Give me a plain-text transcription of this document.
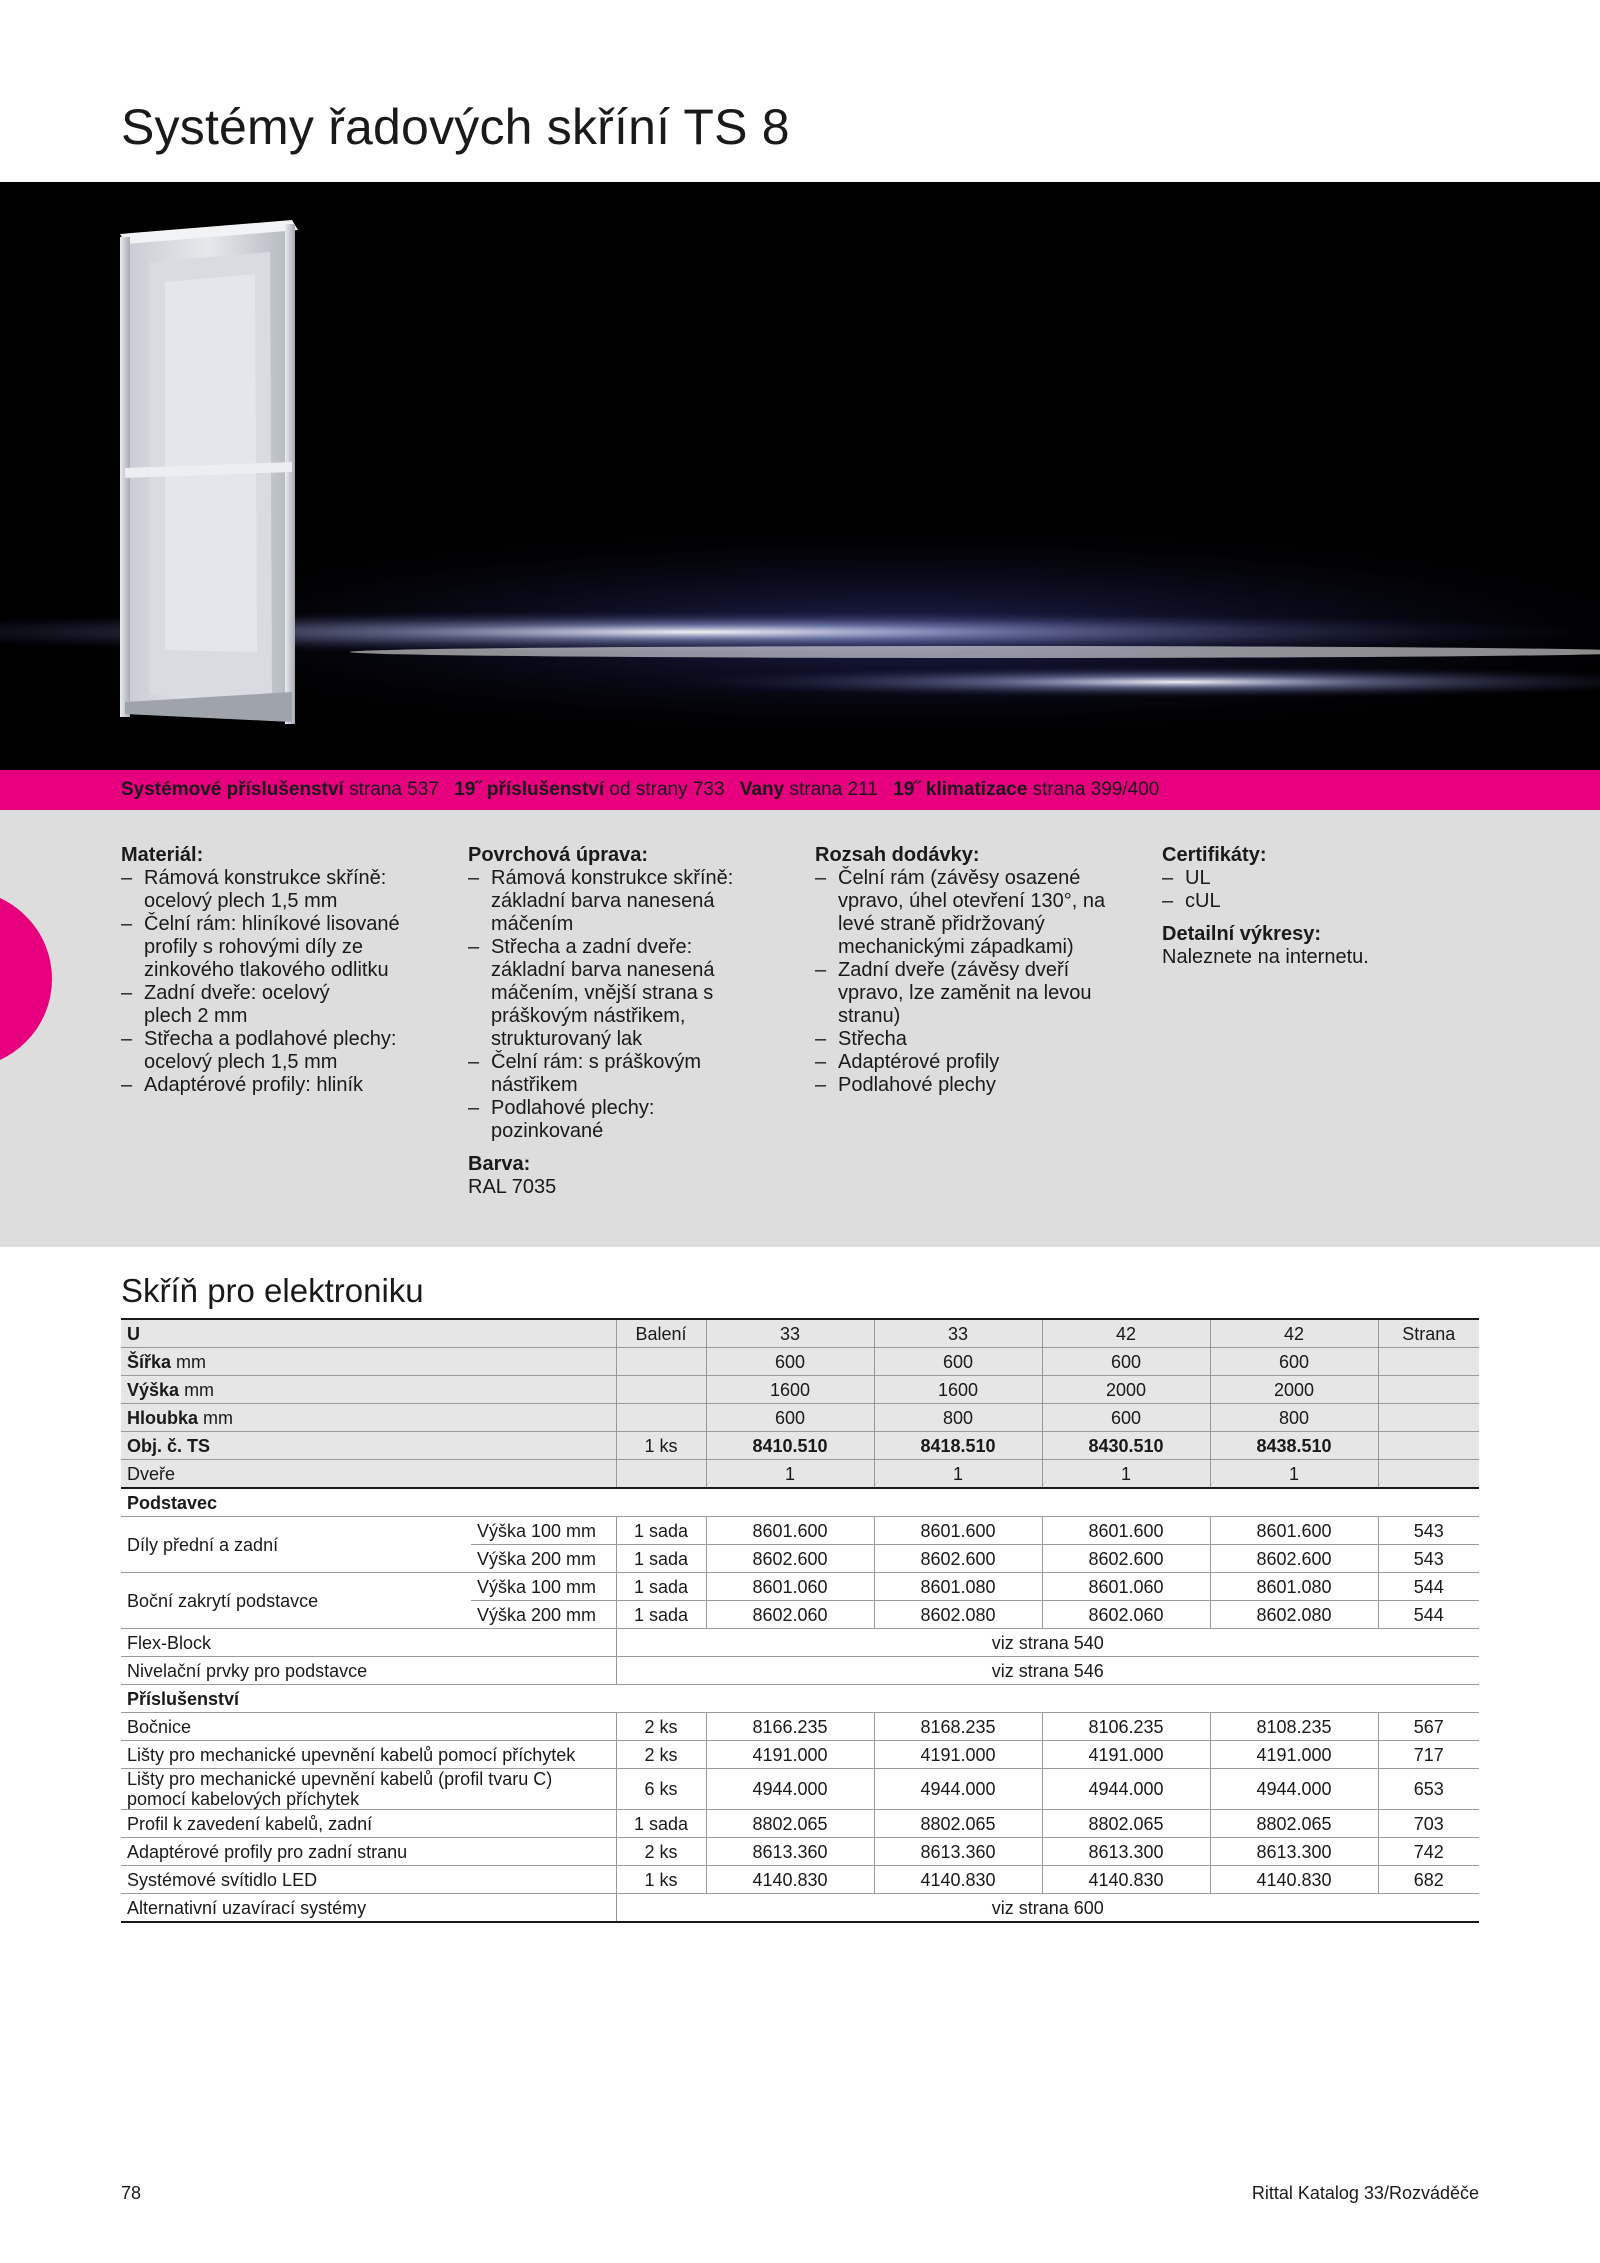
Systémy řadových skříní TS 8
Systémové příslušenství strana 537 19˝ příslušenství od strany 733 Vany strana 211 19˝ klimatizace strana 399/400
Materiál:
– Rámová konstrukce skříně: ocelový plech 1,5 mm
– Čelní rám: hliníkové lisované profily s rohovými díly ze zinkového tlakového odlitku
– Zadní dveře: ocelový plech 2 mm
– Střecha a podlahové plechy: ocelový plech 1,5 mm
– Adaptérové profily: hliník
Povrchová úprava:
– Rámová konstrukce skříně: základní barva nanesená máčením
– Střecha a zadní dveře: základní barva nanesená máčením, vnější strana s práškovým nástřikem, strukturovaný lak
– Čelní rám: s práškovým nástřikem
– Podlahové plechy: pozinkované
Barva:
RAL 7035
Rozsah dodávky:
– Čelní rám (závěsy osazené vpravo, úhel otevření 130°, na levé straně přidržovaný mechanickými západkami)
– Zadní dveře (závěsy dveří vpravo, lze zaměnit na levou stranu)
– Střecha
– Adaptérové profily
– Podlahové plechy
Certifikáty:
– UL
– cUL
Detailní výkresy:
Naleznete na internetu.
Skříň pro elektroniku
U		Balení	33	33	42	42	Strana
Šířka mm			600	600	600	600	
Výška mm			1600	1600	2000	2000	
Hloubka mm			600	800	600	800	
Obj. č. TS		1 ks	8410.510	8418.510	8430.510	8438.510	
Dveře			1	1	1	1	
Podstavec							
Díly přední a zadní	Výška 100 mm	1 sada	8601.600	8601.600	8601.600	8601.600	543
	Výška 200 mm	1 sada	8602.600	8602.600	8602.600	8602.600	543
Boční zakrytí podstavce	Výška 100 mm	1 sada	8601.060	8601.080	8601.060	8601.080	544
	Výška 200 mm	1 sada	8602.060	8602.080	8602.060	8602.080	544
Flex-Block		viz strana 540					
Nivelační prvky pro podstavce		viz strana 546					
Příslušenství							
Bočnice		2 ks	8166.235	8168.235	8106.235	8108.235	567
Lišty pro mechanické upevnění kabelů pomocí příchytek		2 ks	4191.000	4191.000	4191.000	4191.000	717
Lišty pro mechanické upevnění kabelů (profil tvaru C) pomocí kabelových příchytek		6 ks	4944.000	4944.000	4944.000	4944.000	653
Profil k zavedení kabelů, zadní		1 sada	8802.065	8802.065	8802.065	8802.065	703
Adaptérové profily pro zadní stranu		2 ks	8613.360	8613.360	8613.300	8613.300	742
Systémové svítidlo LED		1 ks	4140.830	4140.830	4140.830	4140.830	682
Alternativní uzavírací systémy		viz strana 600					
78	Rittal Katalog 33/Rozváděče
